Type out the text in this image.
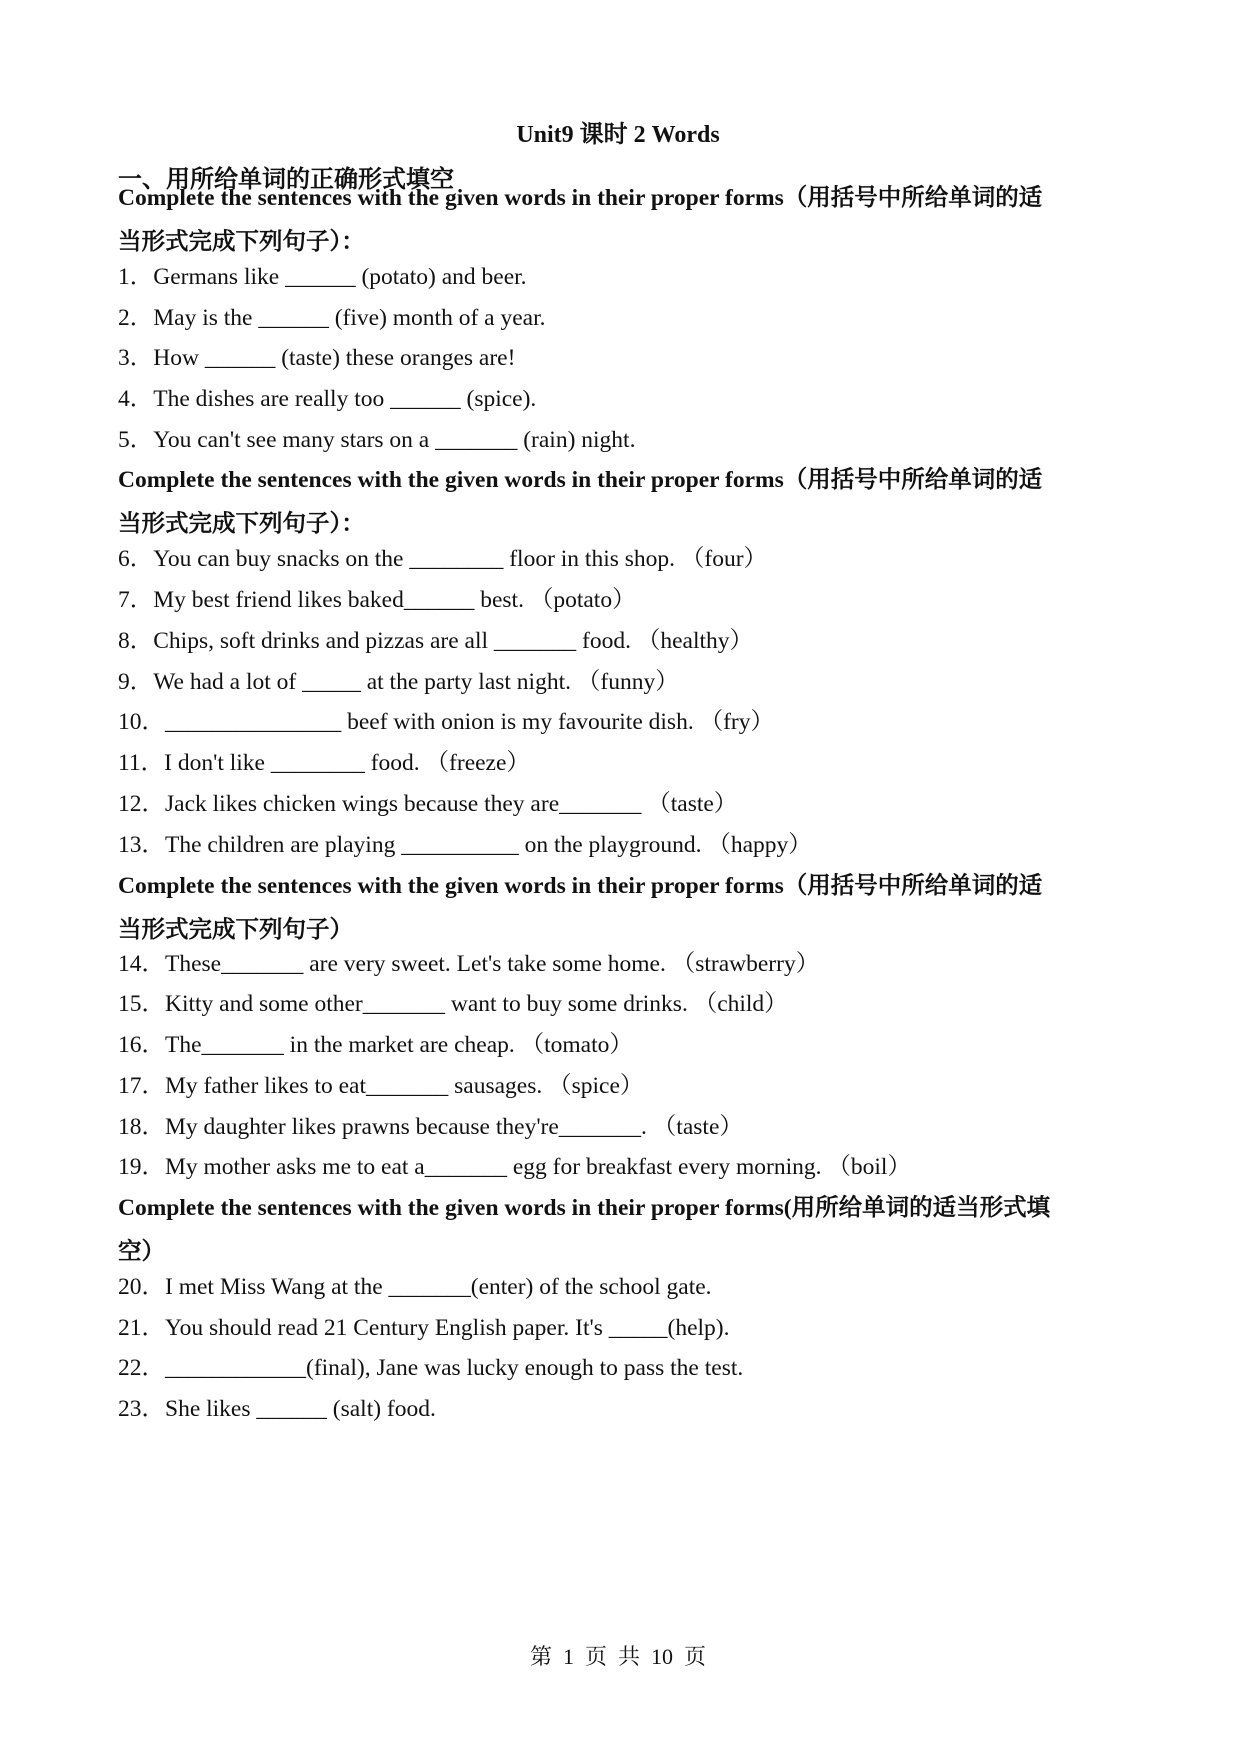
Unit9 课时 2 Words
一、用所给单词的正确形式填空
Complete the sentences with the given words in their proper forms（用括号中所给单词的适
当形式完成下列句子）：
1．Germans like ______ (potato) and beer.
2．May is the ______ (five) month of a year.
3．How ______ (taste) these oranges are!
4．The dishes are really too ______ (spice).
5．You can't see many stars on a _______ (rain) night.
Complete the sentences with the given words in their proper forms（用括号中所给单词的适
当形式完成下列句子）：
6．You can buy snacks on the ________ floor in this shop. （four）
7．My best friend likes baked______ best. （potato）
8．Chips, soft drinks and pizzas are all _______ food. （healthy）
9．We had a lot of _____ at the party last night. （funny）
10．_______________ beef with onion is my favourite dish. （fry）
11．I don't like ________ food. （freeze）
12．Jack likes chicken wings because they are_______ （taste）
13．The children are playing __________ on the playground. （happy）
Complete the sentences with the given words in their proper forms（用括号中所给单词的适
当形式完成下列句子）
14．These_______ are very sweet. Let's take some home. （strawberry）
15．Kitty and some other_______ want to buy some drinks. （child）
16．The_______ in the market are cheap. （tomato）
17．My father likes to eat_______ sausages. （spice）
18．My daughter likes prawns because they're_______. （taste）
19．My mother asks me to eat a_______ egg for breakfast every morning. （boil）
Complete the sentences with the given words in their proper forms(用所给单词的适当形式填
空）
20．I met Miss Wang at the _______(enter) of the school gate.
21．You should read 21 Century English paper. It's _____(help).
22．____________(final), Jane was lucky enough to pass the test.
23．She likes ______ (salt) food.
第  1  页  共  10  页
